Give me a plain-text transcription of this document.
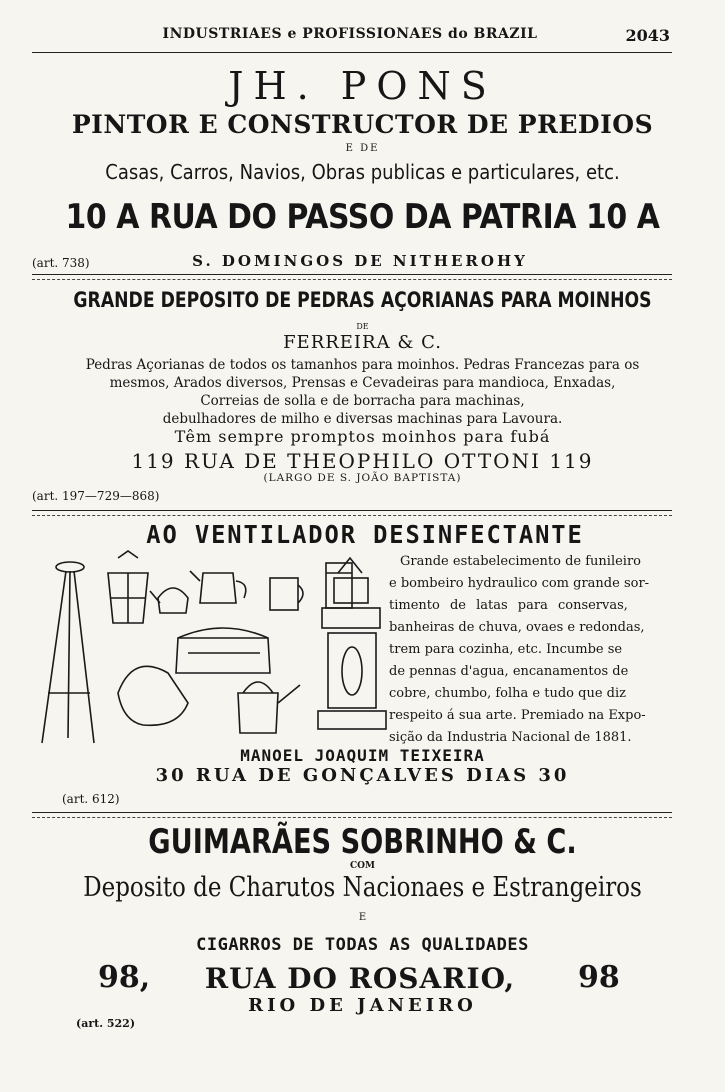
INDUSTRIAES e PROFISSIONAES do BRAZIL	2043
JH. PONS
PINTOR E CONSTRUCTOR DE PREDIOS
E DE
Casas, Carros, Navios, Obras publicas e particulares, etc.
10 A RUA DO PASSO DA PATRIA 10 A
(art. 738)	S. DOMINGOS DE NITHEROHY
GRANDE DEPOSITO DE PEDRAS AÇORIANAS PARA MOINHOS
DE
FERREIRA & C.
Pedras Açorianas de todos os tamanhos para moinhos. Pedras Francezas para os
mesmos, Arados diversos, Prensas e Cevadeiras para mandioca, Enxadas,
Correias de solla e de borracha para machinas,
debulhadores de milho e diversas machinas para Lavoura.
Têm sempre promptos moinhos para fubá
119 RUA DE THEOPHILO OTTONI 119
(LARGO DE S. JOÃO BAPTISTA)
(art. 197—729—868)
AO VENTILADOR DESINFECTANTE
Grande estabelecimento de funileiro
e bombeiro hydraulico com grande sor-
timento de latas para conservas,
banheiras de chuva, ovaes e redondas,
trem para cozinha, etc. Incumbe se
de pennas d'agua, encanamentos de
cobre, chumbo, folha e tudo que diz
respeito á sua arte. Premiado na Expo-
sição da Industria Nacional de 1881.
MANOEL JOAQUIM TEIXEIRA
30 RUA DE GONÇALVES DIAS 30
(art. 612)
GUIMARÃES SOBRINHO & C.
COM
Deposito de Charutos Nacionaes e Estrangeiros
E
CIGARROS DE TODAS AS QUALIDADES
98,	RUA DO ROSARIO,	98
RIO DE JANEIRO
(art. 522)
